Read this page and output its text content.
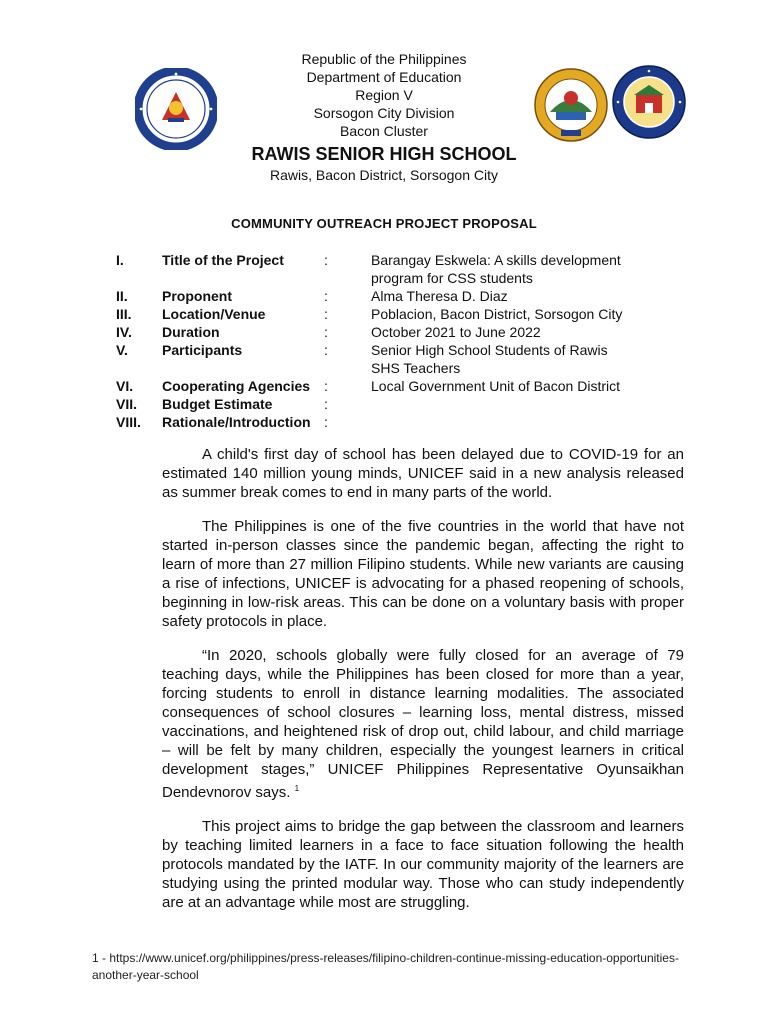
Republic of the Philippines
Department of Education
Region V
Sorsogon City Division
Bacon Cluster
RAWIS SENIOR HIGH SCHOOL
Rawis, Bacon District, Sorsogon City
COMMUNITY OUTREACH PROJECT PROPOSAL
I.	Title of the Project	:	Barangay Eskwela: A skills development
program for CSS students
II. Proponent	:	Alma Theresa D. Diaz
III. Location/Venue	:	Poblacion, Bacon District, Sorsogon City
IV. Duration	:	October 2021 to June 2022
V. Participants	:	Senior High School Students of Rawis
SHS Teachers
VI. Cooperating Agencies :	Local Government Unit of Bacon District
VII. Budget Estimate	:
VIII. Rationale/Introduction :

A child's first day of school has been delayed due to COVID-19 for an estimated 140 million young minds, UNICEF said in a new analysis released as summer break comes to end in many parts of the world.

The Philippines is one of the five countries in the world that have not started in-person classes since the pandemic began, affecting the right to learn of more than 27 million Filipino students. While new variants are causing a rise of infections, UNICEF is advocating for a phased reopening of schools, beginning in low-risk areas. This can be done on a voluntary basis with proper safety protocols in place.

“In 2020, schools globally were fully closed for an average of 79 teaching days, while the Philippines has been closed for more than a year, forcing students to enroll in distance learning modalities. The associated consequences of school closures – learning loss, mental distress, missed vaccinations, and heightened risk of drop out, child labour, and child marriage – will be felt by many children, especially the youngest learners in critical development stages,” UNICEF Philippines Representative Oyunsaikhan Dendevnorov says. $^1$

This project aims to bridge the gap between the classroom and learners by teaching limited learners in a face to face situation following the health protocols mandated by the IATF. In our community majority of the learners are studying using the printed modular way. Those who can study independently are at an advantage while most are struggling.

1 - https://www.unicef.org/philippines/press-releases/filipino-children-continue-missing-education-opportunities-another-year-school
